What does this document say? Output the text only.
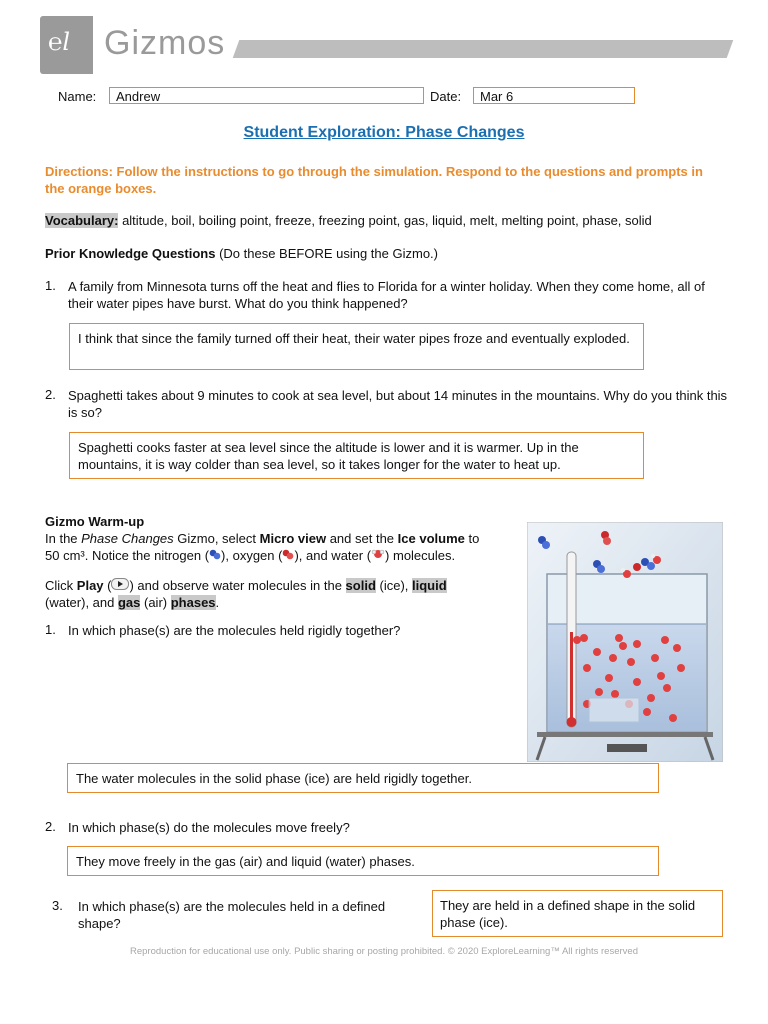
℮l Gizmos
Name:	Andrew	Date:	Mar 6
Student Exploration: Phase Changes
Directions: Follow the instructions to go through the simulation. Respond to the questions and prompts in the orange boxes.
Vocabulary: altitude, boil, boiling point, freeze, freezing point, gas, liquid, melt, melting point, phase, solid
Prior Knowledge Questions (Do these BEFORE using the Gizmo.)
1. A family from Minnesota turns off the heat and flies to Florida for a winter holiday. When they come home, all of their water pipes have burst. What do you think happened?
I think that since the family turned off their heat, their water pipes froze and eventually exploded.
2. Spaghetti takes about 9 minutes to cook at sea level, but about 14 minutes in the mountains. Why do you think this is so?
Spaghetti cooks faster at sea level since the altitude is lower and it is warmer. Up in the mountains, it is way colder than sea level, so it takes longer for the water to heat up.
Gizmo Warm-up
In the Phase Changes Gizmo, select Micro view and set the Ice volume to
50 cm³. Notice the nitrogen ( ), oxygen ( ), and water ( ) molecules.
Click Play ( ) and observe water molecules in the solid (ice), liquid
(water), and gas (air) phases.
1. In which phase(s) are the molecules held rigidly together?
The water molecules in the solid phase (ice) are held rigidly together.
2. In which phase(s) do the molecules move freely?
They move freely in the gas (air) and liquid (water) phases.
3. In which phase(s) are the molecules held in a defined shape?
They are held in a defined shape in the solid phase (ice).
Reproduction for educational use only. Public sharing or posting prohibited. © 2020 ExploreLearning™ All rights reserved
